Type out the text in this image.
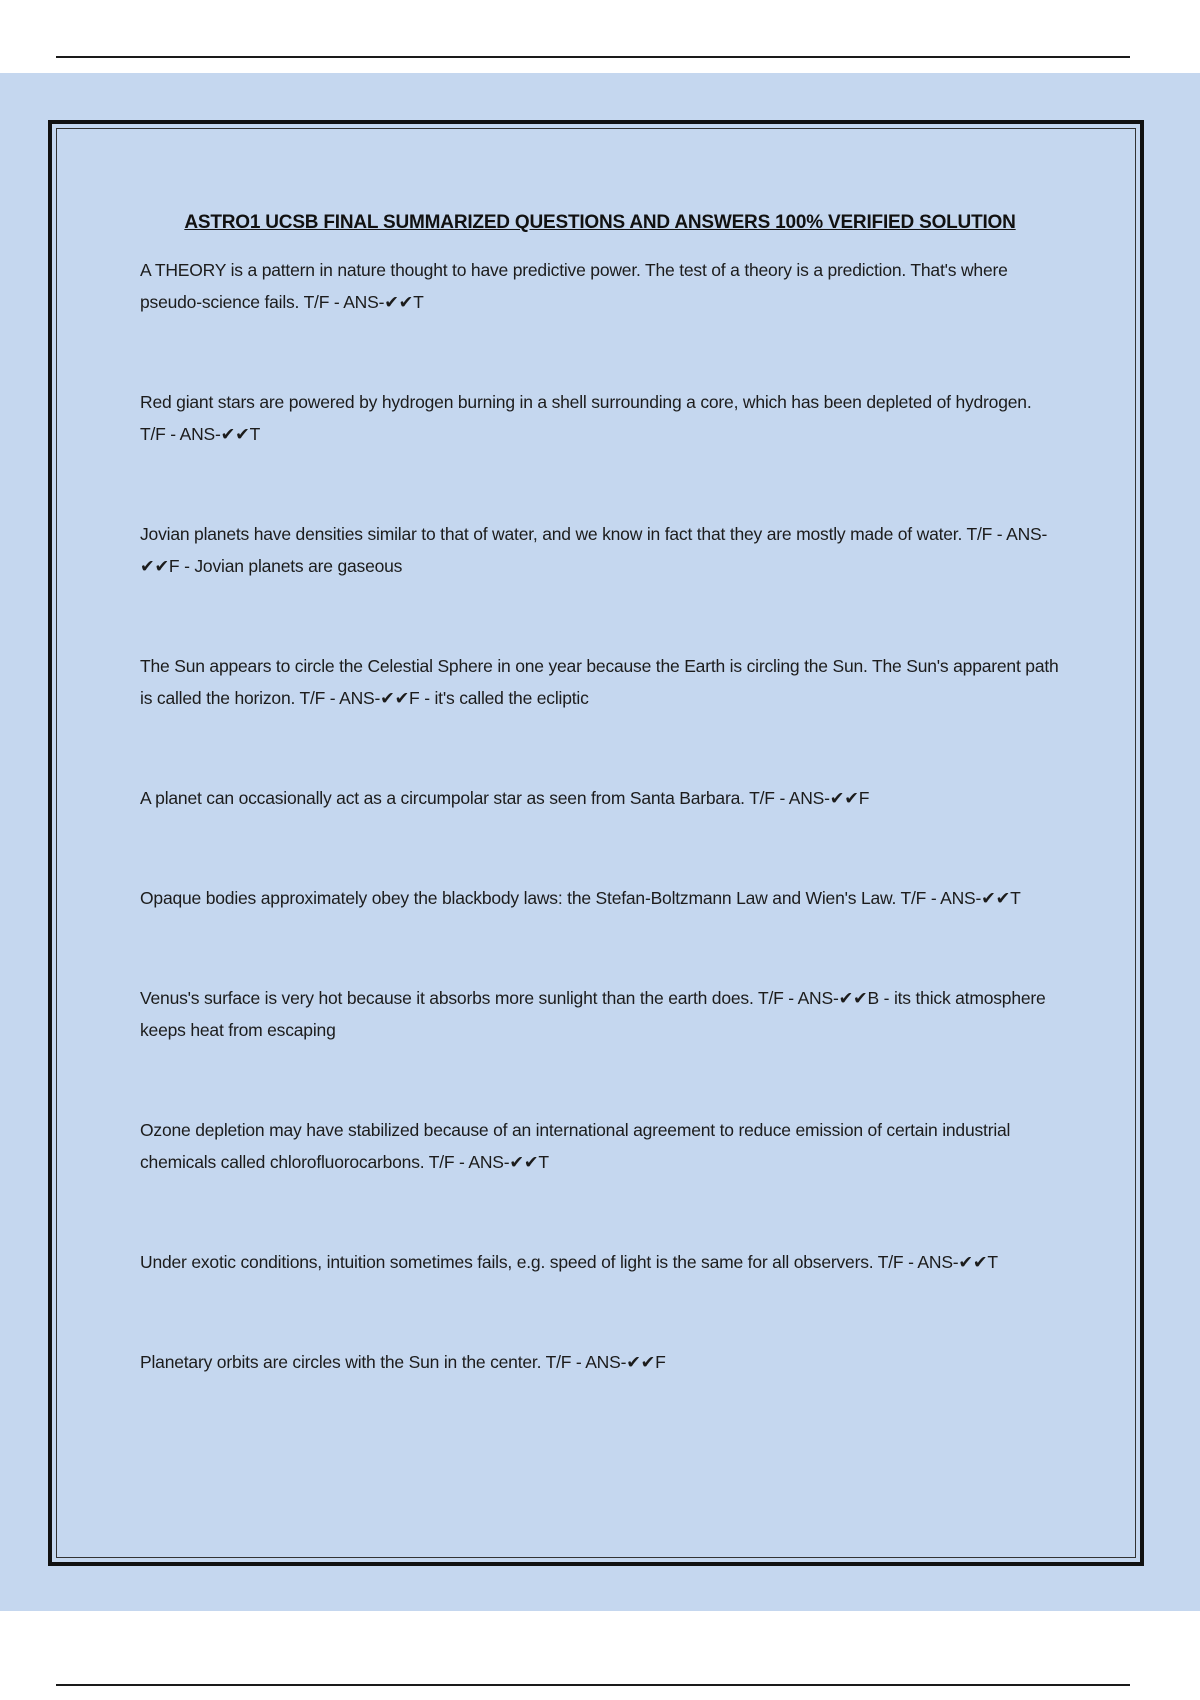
ASTRO1 UCSB FINAL SUMMARIZED QUESTIONS AND ANSWERS 100% VERIFIED SOLUTION
A THEORY is a pattern in nature thought to have predictive power. The test of a theory is a prediction. That's where pseudo-science fails. T/F - ANS-✔✔T
Red giant stars are powered by hydrogen burning in a shell surrounding a core, which has been depleted of hydrogen. T/F - ANS-✔✔T
Jovian planets have densities similar to that of water, and we know in fact that they are mostly made of water. T/F - ANS-✔✔F - Jovian planets are gaseous
The Sun appears to circle the Celestial Sphere in one year because the Earth is circling the Sun. The Sun's apparent path is called the horizon. T/F - ANS-✔✔F - it's called the ecliptic
A planet can occasionally act as a circumpolar star as seen from Santa Barbara. T/F - ANS-✔✔F
Opaque bodies approximately obey the blackbody laws: the Stefan-Boltzmann Law and Wien's Law. T/F - ANS-✔✔T
Venus's surface is very hot because it absorbs more sunlight than the earth does. T/F - ANS-✔✔B - its thick atmosphere keeps heat from escaping
Ozone depletion may have stabilized because of an international agreement to reduce emission of certain industrial chemicals called chlorofluorocarbons. T/F - ANS-✔✔T
Under exotic conditions, intuition sometimes fails, e.g. speed of light is the same for all observers. T/F - ANS-✔✔T
Planetary orbits are circles with the Sun in the center. T/F - ANS-✔✔F
